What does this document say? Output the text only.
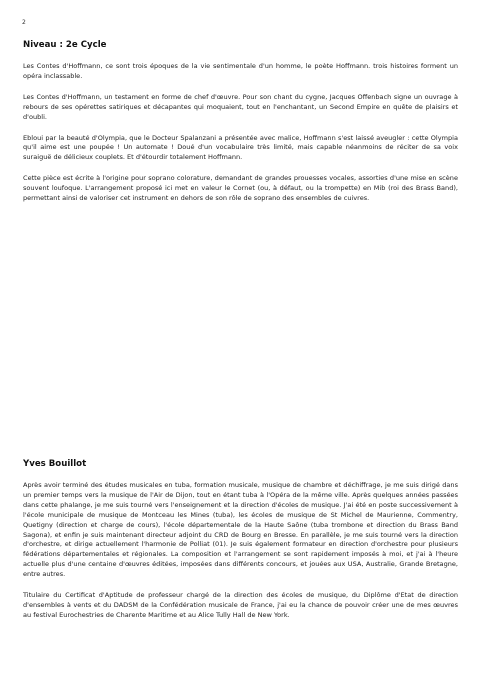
2
Niveau : 2e Cycle

Les Contes d'Hoffmann, ce sont trois époques de la vie sentimentale d'un homme, le poète Hoffmann. trois histoires forment un opéra inclassable.

Les Contes d'Hoffmann, un testament en forme de chef d'œuvre. Pour son chant du cygne, Jacques Offenbach signe un ouvrage à rebours de ses opérettes satiriques et décapantes qui moquaient, tout en l'enchantant, un Second Empire en quête de plaisirs et d'oubli.

Ebloui par la beauté d'Olympia, que le Docteur Spalanzani a présentée avec malice, Hoffmann s'est laissé aveugler : cette Olympia qu'il aime est une poupée ! Un automate ! Doué d'un vocabulaire très limité, mais capable néanmoins de réciter de sa voix suraiguë de délicieux couplets. Et d'étourdir totalement Hoffmann.

Cette pièce est écrite à l'origine pour soprano colorature, demandant de grandes prouesses vocales, assorties d'une mise en scène souvent loufoque. L'arrangement proposé ici met en valeur le Cornet (ou, à défaut, ou la trompette) en Mib (roi des Brass Band), permettant ainsi de valoriser cet instrument en dehors de son rôle de soprano des ensembles de cuivres.

Yves Bouillot

Après avoir terminé des études musicales en tuba, formation musicale, musique de chambre et déchiffrage, je me suis dirigé dans un premier temps vers la musique de l'Air de Dijon, tout en étant tuba à l'Opéra de la même ville. Après quelques années passées dans cette phalange, je me suis tourné vers l'enseignement et la direction d'écoles de musique. J'ai été en poste successivement à l'école municipale de musique de Montceau les Mines (tuba), les écoles de musique de St Michel de Maurienne, Commentry, Quetigny (direction et charge de cours), l'école départementale de la Haute Saône (tuba trombone et direction du Brass Band Sagona), et enfin je suis maintenant directeur adjoint du CRD de Bourg en Bresse. En parallèle, je me suis tourné vers la direction d'orchestre, et dirige actuellement l'harmonie de Polliat (01). Je suis également formateur en direction d'orchestre pour plusieurs fédérations départementales et régionales. La composition et l'arrangement se sont rapidement imposés à moi, et j'ai à l'heure actuelle plus d'une centaine d'œuvres éditées, imposées dans différents concours, et jouées aux USA, Australie, Grande Bretagne, entre autres.

Titulaire du Certificat d'Aptitude de professeur chargé de la direction des écoles de musique, du Diplôme d'Etat de direction d'ensembles à vents et du DADSM de la Confédération musicale de France, j'ai eu la chance de pouvoir créer une de mes œuvres au festival Eurochestries de Charente Maritime et au Alice Tully Hall de New York.
